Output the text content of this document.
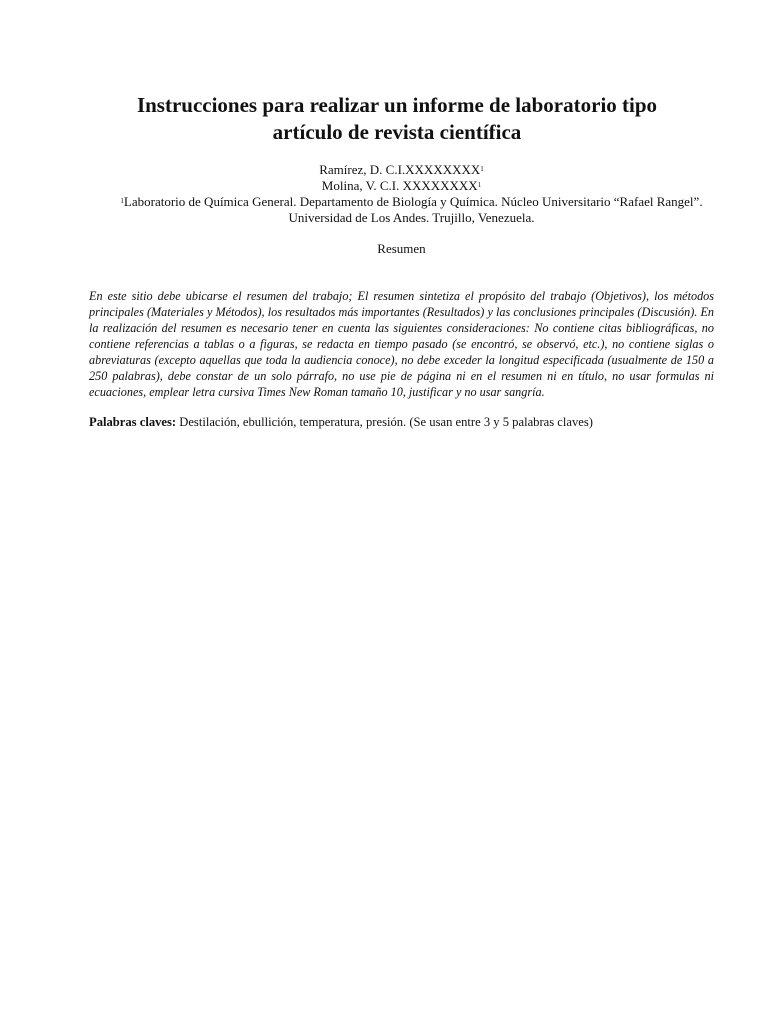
Instrucciones para realizar un informe de laboratorio tipo
artículo de revista científica
Ramírez, D. C.I.XXXXXXXX$^1$
Molina, V. C.I. XXXXXXXX$^1$
$^1$Laboratorio de Química General. Departamento de Biología y Química. Núcleo Universitario “Rafael Rangel”.
Universidad de Los Andes. Trujillo, Venezuela.
Resumen

En este sitio debe ubicarse el resumen del trabajo; El resumen sintetiza el propósito del trabajo (Objetivos), los métodos principales (Materiales y Métodos), los resultados más importantes (Resultados) y las conclusiones principales (Discusión). En la realización del resumen es necesario tener en cuenta las siguientes consideraciones: No contiene citas bibliográficas, no contiene referencias a tablas o a figuras, se redacta en tiempo pasado (se encontró, se observó, etc.), no contiene siglas o abreviaturas (excepto aquellas que toda la audiencia conoce), no debe exceder la longitud especificada (usualmente de 150 a 250 palabras), debe constar de un solo párrafo, no use pie de página ni en el resumen ni en título, no usar formulas ni ecuaciones, emplear letra cursiva Times New Roman tamaño 10, justificar y no usar sangría.

Palabras claves: Destilación, ebullición, temperatura, presión. (Se usan entre 3 y 5 palabras claves)
